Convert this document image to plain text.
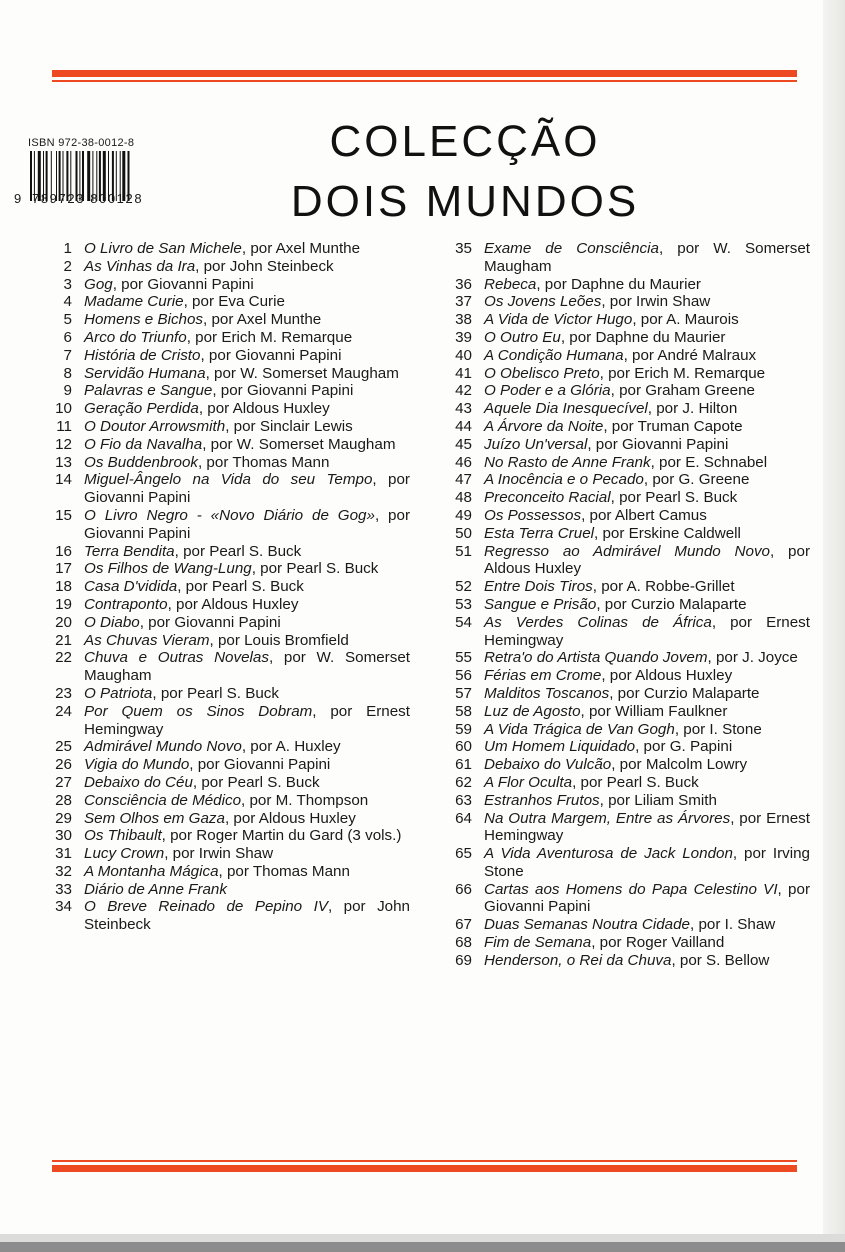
ISBN 972-38-0012-8
9 789723 800128
COLECÇÃO
DOIS MUNDOS
1 O Livro de San Michele, por Axel Munthe
2 As Vinhas da Ira, por John Steinbeck
3 Gog, por Giovanni Papini
4 Madame Curie, por Eva Curie
5 Homens e Bichos, por Axel Munthe
6 Arco do Triunfo, por Erich M. Remarque
7 História de Cristo, por Giovanni Papini
8 Servidão Humana, por W. Somerset Maugham
9 Palavras e Sangue, por Giovanni Papini
10 Geração Perdida, por Aldous Huxley
11 O Doutor Arrowsmith, por Sinclair Lewis
12 O Fio da Navalha, por W. Somerset Maugham
13 Os Buddenbrook, por Thomas Mann
14 Miguel-Ângelo na Vida do seu Tempo, por Giovanni Papini
15 O Livro Negro - «Novo Diário de Gog», por Giovanni Papini
16 Terra Bendita, por Pearl S. Buck
17 Os Filhos de Wang-Lung, por Pearl S. Buck
18 Casa D'vidida, por Pearl S. Buck
19 Contraponto, por Aldous Huxley
20 O Diabo, por Giovanni Papini
21 As Chuvas Vieram, por Louis Bromfield
22 Chuva e Outras Novelas, por W. Somerset Maugham
23 O Patriota, por Pearl S. Buck
24 Por Quem os Sinos Dobram, por Ernest Hemingway
25 Admirável Mundo Novo, por A. Huxley
26 Vigia do Mundo, por Giovanni Papini
27 Debaixo do Céu, por Pearl S. Buck
28 Consciência de Médico, por M. Thompson
29 Sem Olhos em Gaza, por Aldous Huxley
30 Os Thibault, por Roger Martin du Gard (3 vols.)
31 Lucy Crown, por Irwin Shaw
32 A Montanha Mágica, por Thomas Mann
33 Diário de Anne Frank
34 O Breve Reinado de Pepino IV, por John Steinbeck
35 Exame de Consciência, por W. Somerset Maugham
36 Rebeca, por Daphne du Maurier
37 Os Jovens Leões, por Irwin Shaw
38 A Vida de Victor Hugo, por A. Maurois
39 O Outro Eu, por Daphne du Maurier
40 A Condição Humana, por André Malraux
41 O Obelisco Preto, por Erich M. Remarque
42 O Poder e a Glória, por Graham Greene
43 Aquele Dia Inesquecível, por J. Hilton
44 A Árvore da Noite, por Truman Capote
45 Juízo Un'versal, por Giovanni Papini
46 No Rasto de Anne Frank, por E. Schnabel
47 A Inocência e o Pecado, por G. Greene
48 Preconceito Racial, por Pearl S. Buck
49 Os Possessos, por Albert Camus
50 Esta Terra Cruel, por Erskine Caldwell
51 Regresso ao Admirável Mundo Novo, por Aldous Huxley
52 Entre Dois Tiros, por A. Robbe-Grillet
53 Sangue e Prisão, por Curzio Malaparte
54 As Verdes Colinas de África, por Ernest Hemingway
55 Retra'o do Artista Quando Jovem, por J. Joyce
56 Férias em Crome, por Aldous Huxley
57 Malditos Toscanos, por Curzio Malaparte
58 Luz de Agosto, por William Faulkner
59 A Vida Trágica de Van Gogh, por I. Stone
60 Um Homem Liquidado, por G. Papini
61 Debaixo do Vulcão, por Malcolm Lowry
62 A Flor Oculta, por Pearl S. Buck
63 Estranhos Frutos, por Liliam Smith
64 Na Outra Margem, Entre as Árvores, por Ernest Hemingway
65 A Vida Aventurosa de Jack London, por Irving Stone
66 Cartas aos Homens do Papa Celestino VI, por Giovanni Papini
67 Duas Semanas Noutra Cidade, por I. Shaw
68 Fim de Semana, por Roger Vailland
69 Henderson, o Rei da Chuva, por S. Bellow
